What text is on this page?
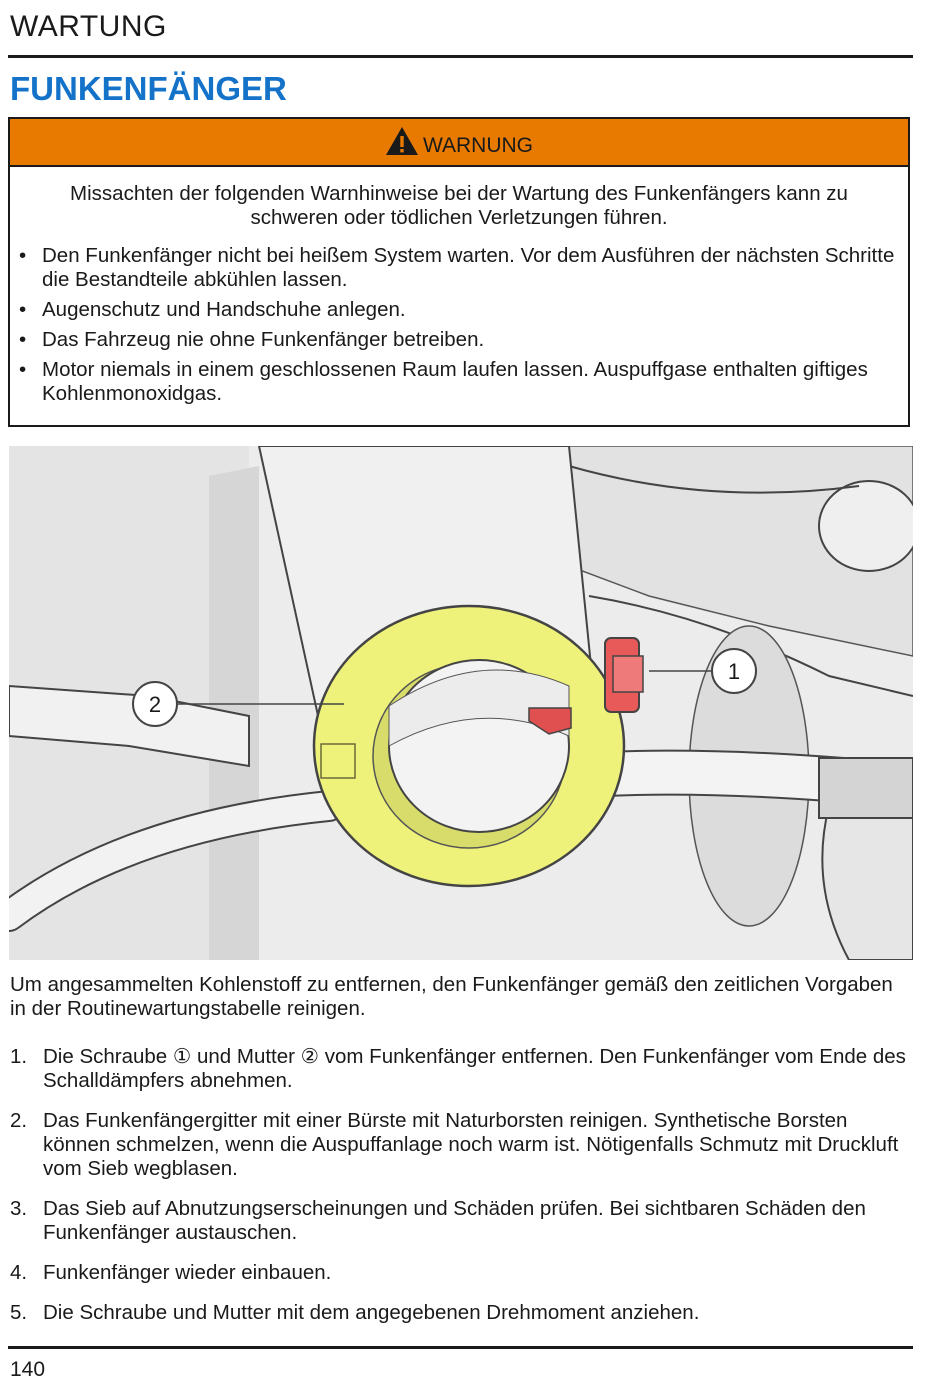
WARTUNG
FUNKENFÄNGER
WARNUNG
Missachten der folgenden Warnhinweise bei der Wartung des Funkenfängers kann zu schweren oder tödlichen Verletzungen führen.
• Den Funkenfänger nicht bei heißem System warten. Vor dem Ausführen der nächsten Schritte die Bestandteile abkühlen lassen.
• Augenschutz und Handschuhe anlegen.
• Das Fahrzeug nie ohne Funkenfänger betreiben.
• Motor niemals in einem geschlossenen Raum laufen lassen. Auspuffgase enthalten giftiges Kohlenmonoxidgas.
1
2
Um angesammelten Kohlenstoff zu entfernen, den Funkenfänger gemäß den zeitlichen Vorgaben in der Routinewartungstabelle reinigen.
1. Die Schraube ① und Mutter ② vom Funkenfänger entfernen. Den Funkenfänger vom Ende des Schalldämpfers abnehmen.
2. Das Funkenfängergitter mit einer Bürste mit Naturborsten reinigen. Synthetische Borsten können schmelzen, wenn die Auspuffanlage noch warm ist. Nötigenfalls Schmutz mit Druckluft vom Sieb wegblasen.
3. Das Sieb auf Abnutzungserscheinungen und Schäden prüfen. Bei sichtbaren Schäden den Funkenfänger austauschen.
4. Funkenfänger wieder einbauen.
5. Die Schraube und Mutter mit dem angegebenen Drehmoment anziehen.
140
